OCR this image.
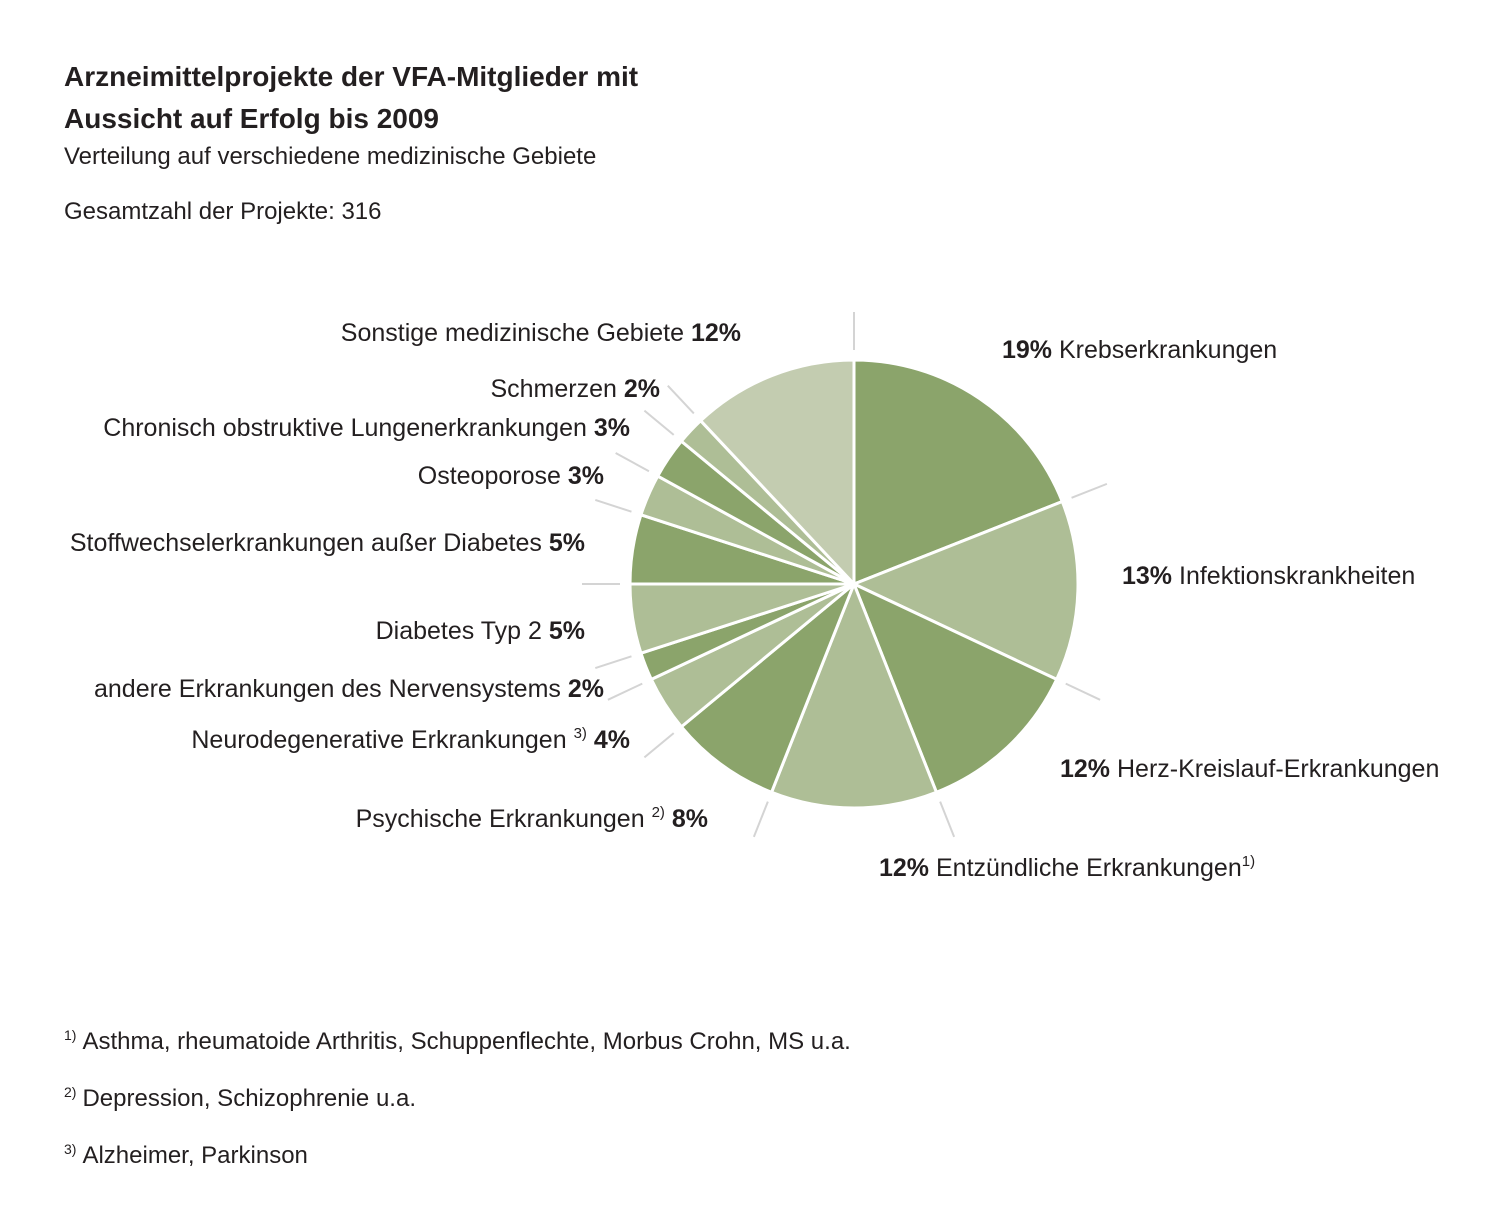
Arzneimittelprojekte der VFA-Mitglieder mit
Aussicht auf Erfolg bis 2009
Verteilung auf verschiedene medizinische Gebiete
Gesamtzahl der Projekte: 316
19% Krebserkrankungen
13% Infektionskrankheiten
12% Herz-Kreislauf-Erkrankungen
12% Entzündliche Erkrankungen$^{1)}$
Psychische Erkrankungen $^{2)}$ 8%
Neurodegenerative Erkrankungen $^{3)}$ 4%
andere Erkrankungen des Nervensystems 2%
Diabetes Typ 2 5%
Stoffwechselerkrankungen außer Diabetes 5%
Osteoporose 3%
Chronisch obstruktive Lungenerkrankungen 3%
Schmerzen 2%
Sonstige medizinische Gebiete 12%
$^{1)}$ Asthma, rheumatoide Arthritis, Schuppenflechte, Morbus Crohn, MS u.a.
$^{2)}$ Depression, Schizophrenie u.a.
$^{3)}$ Alzheimer, Parkinson
